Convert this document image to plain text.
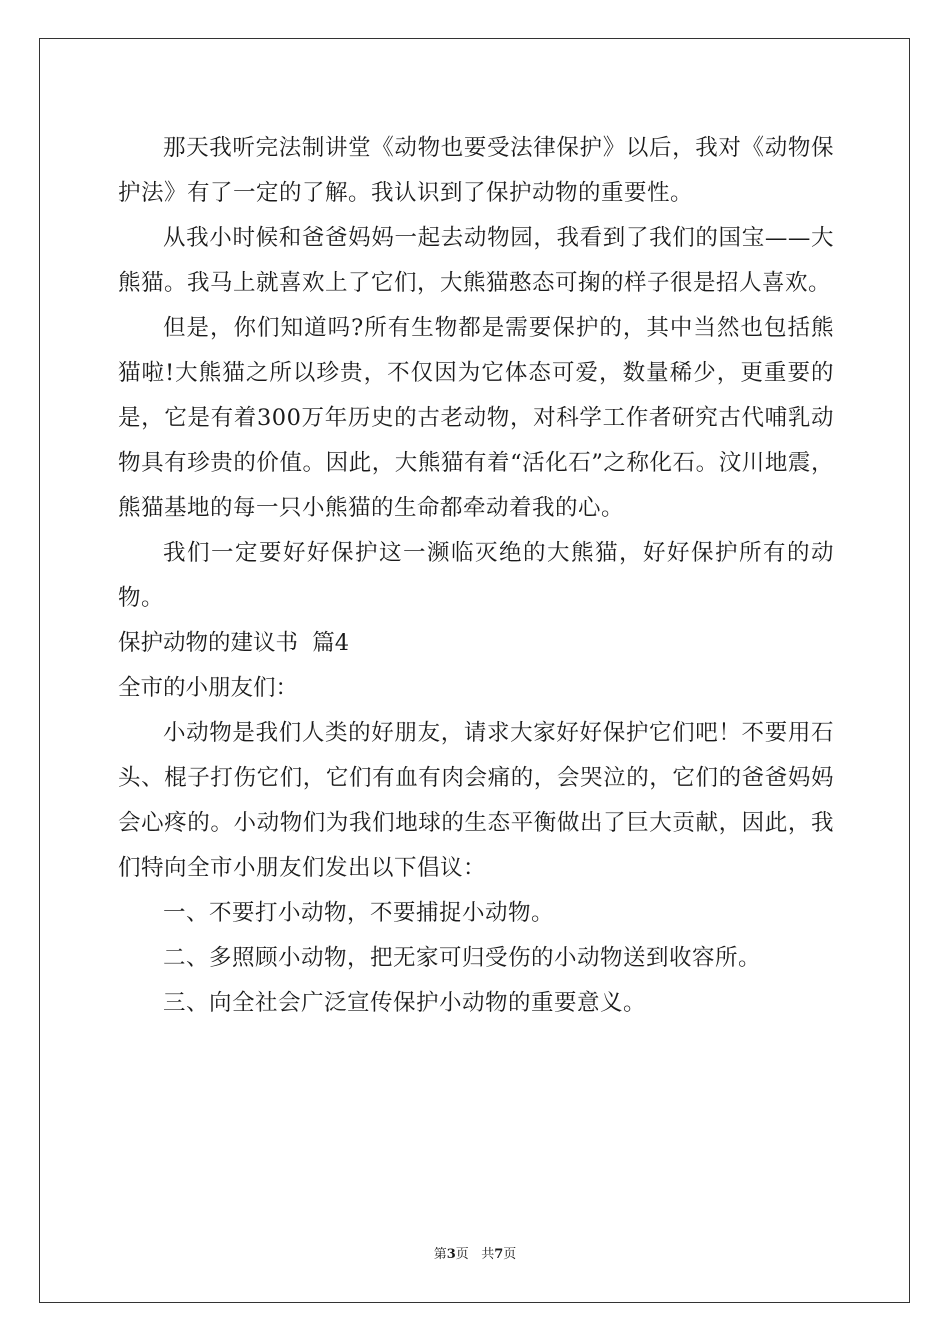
那天我听完法制讲堂《动物也要受法律保护》以后，我对《动物保护法》有了一定的了解。我认识到了保护动物的重要性。

从我小时候和爸爸妈妈一起去动物园，我看到了我们的国宝——大熊猫。我马上就喜欢上了它们，大熊猫憨态可掬的样子很是招人喜欢。

但是，你们知道吗?所有生物都是需要保护的，其中当然也包括熊猫啦!大熊猫之所以珍贵，不仅因为它体态可爱，数量稀少，更重要的是，它是有着300万年历史的古老动物，对科学工作者研究古代哺乳动物具有珍贵的价值。因此，大熊猫有着“活化石”之称化石。汶川地震，熊猫基地的每一只小熊猫的生命都牵动着我的心。

我们一定要好好保护这一濒临灭绝的大熊猫，好好保护所有的动物。

保护动物的建议书  篇4

全市的小朋友们：

小动物是我们人类的好朋友，请求大家好好保护它们吧！不要用石头、棍子打伤它们，它们有血有肉会痛的，会哭泣的，它们的爸爸妈妈会心疼的。小动物们为我们地球的生态平衡做出了巨大贡献，因此，我们特向全市小朋友们发出以下倡议：

一、不要打小动物，不要捕捉小动物。

二、多照顾小动物，把无家可归受伤的小动物送到收容所。

三、向全社会广泛宣传保护小动物的重要意义。

第3页 共7页
